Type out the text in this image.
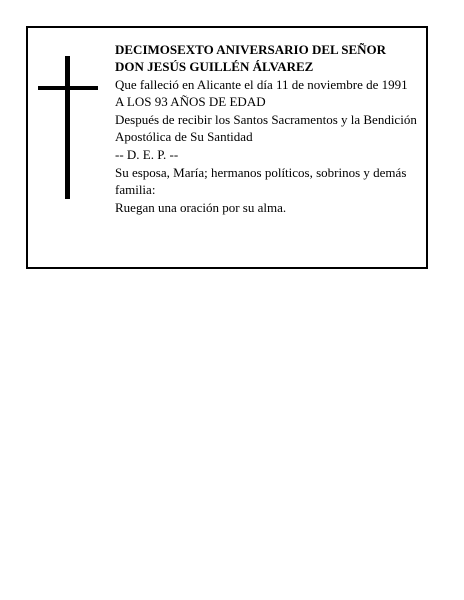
DECIMOSEXTO ANIVERSARIO DEL SEÑOR

DON JESÚS GUILLÉN ÁLVAREZ

Que falleció en Alicante el día 11 de noviembre de 1991

A LOS 93 AÑOS DE EDAD

Después de recibir los Santos Sacramentos y la Bendición Apostólica de Su Santidad

-- D. E. P. --

Su esposa, María; hermanos políticos, sobrinos y demás familia:

Ruegan una oración por su alma.
